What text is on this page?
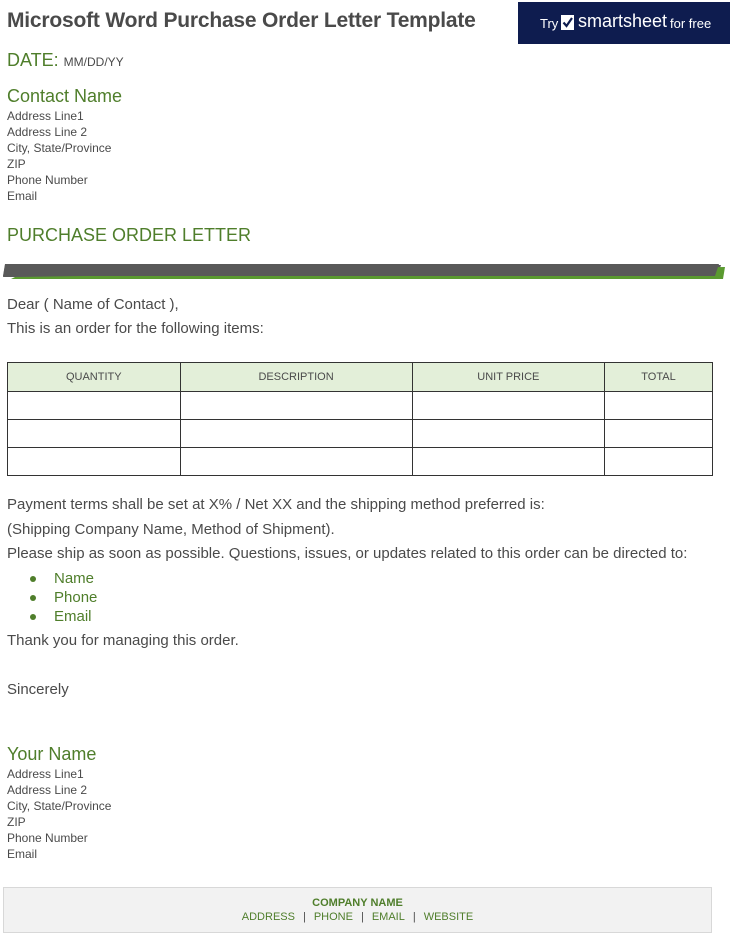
Microsoft Word Purchase Order Letter Template	Try smartsheet for free
DATE: MM/DD/YY
Contact Name
Address Line1
Address Line 2
City, State/Province
ZIP
Phone Number
Email
PURCHASE ORDER LETTER
Dear ( Name of Contact ),
This is an order for the following items:
QUANTITY	DESCRIPTION	UNIT PRICE	TOTAL

Payment terms shall be set at X% / Net XX and the shipping method preferred is:
(Shipping Company Name, Method of Shipment).
Please ship as soon as possible. Questions, issues, or updates related to this order can be directed to:
Name
Phone
Email
Thank you for managing this order.
Sincerely
Your Name
Address Line1
Address Line 2
City, State/Province
ZIP
Phone Number
Email
COMPANY NAME
ADDRESS | PHONE | EMAIL | WEBSITE
